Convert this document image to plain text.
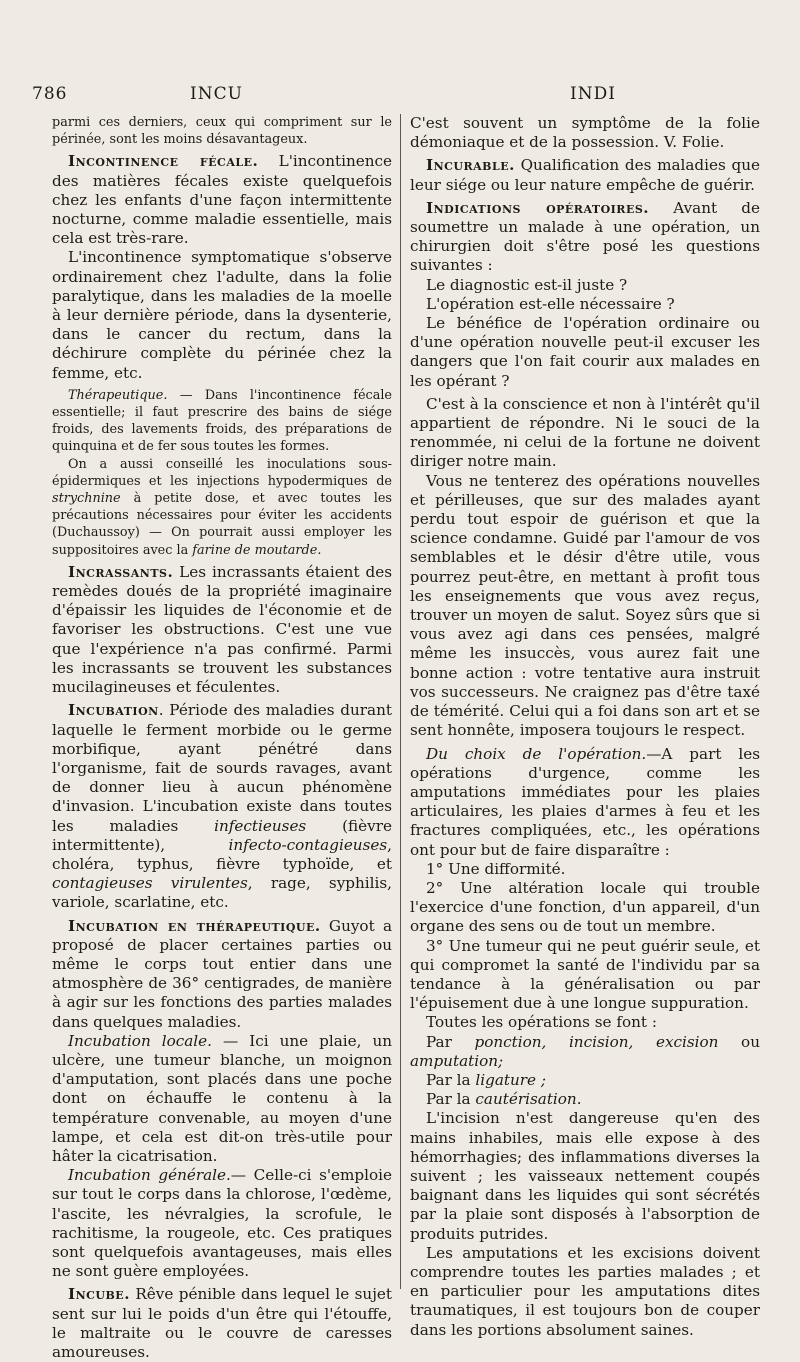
786	INCU	INDI

parmi ces derniers, ceux qui compriment sur le périnée, sont les moins désavantageux.

Incontinence fécale. L'incontinence des matières fécales existe quelquefois chez les enfants d'une façon intermittente nocturne, comme maladie essentielle, mais cela est très-rare.

L'incontinence symptomatique s'observe ordinairement chez l'adulte, dans la folie paralytique, dans les maladies de la moelle à leur dernière période, dans la dysenterie, dans le cancer du rectum, dans la déchirure complète du périnée chez la femme, etc.

Thérapeutique. — Dans l'incontinence fécale essentielle; il faut prescrire des bains de siége froids, des lavements froids, des préparations de quinquina et de fer sous toutes les formes.

On a aussi conseillé les inoculations sous-épidermiques et les injections hypodermiques de strychnine à petite dose, et avec toutes les précautions nécessaires pour éviter les accidents (Duchaussoy) — On pourrait aussi employer les suppositoires avec la farine de moutarde.

Incrassants. Les incrassants étaient des remèdes doués de la propriété imaginaire d'épaissir les liquides de l'économie et de favoriser les obstructions. C'est une vue que l'expérience n'a pas confirmé. Parmi les incrassants se trouvent les substances mucilagineuses et féculentes.

Incubation. Période des maladies durant laquelle le ferment morbide ou le germe morbifique, ayant pénétré dans l'organisme, fait de sourds ravages, avant de donner lieu à aucun phénomène d'invasion. L'incubation existe dans toutes les maladies infectieuses (fièvre intermittente), infecto-contagieuses, choléra, typhus, fièvre typhoïde, et contagieuses virulentes, rage, syphilis, variole, scarlatine, etc.

Incubation en thérapeutique. Guyot a proposé de placer certaines parties ou même le corps tout entier dans une atmosphère de 36° centigrades, de manière à agir sur les fonctions des parties malades dans quelques maladies.

Incubation locale. — Ici une plaie, un ulcère, une tumeur blanche, un moignon d'amputation, sont placés dans une poche dont on échauffe le contenu à la température convenable, au moyen d'une lampe, et cela est dit-on très-utile pour hâter la cicatrisation.

Incubation générale.— Celle-ci s'emploie sur tout le corps dans la chlorose, l'œdème, l'ascite, les névralgies, la scrofule, le rachitisme, la rougeole, etc. Ces pratiques sont quelquefois avantageuses, mais elles ne sont guère employées.

Incube. Rêve pénible dans lequel le sujet sent sur lui le poids d'un être qui l'étouffe, le maltraite ou le couvre de caresses amoureuses.

C'est souvent un symptôme de la folie démoniaque et de la possession. V. Folie.

Incurable. Qualification des maladies que leur siége ou leur nature empêche de guérir.

Indications opératoires. Avant de soumettre un malade à une opération, un chirurgien doit s'être posé les questions suivantes :

Le diagnostic est-il juste ?

L'opération est-elle nécessaire ?

Le bénéfice de l'opération ordinaire ou d'une opération nouvelle peut-il excuser les dangers que l'on fait courir aux malades en les opérant ?

C'est à la conscience et non à l'intérêt qu'il appartient de répondre. Ni le souci de la renommée, ni celui de la fortune ne doivent diriger notre main.

Vous ne tenterez des opérations nouvelles et périlleuses, que sur des malades ayant perdu tout espoir de guérison et que la science condamne. Guidé par l'amour de vos semblables et le désir d'être utile, vous pourrez peut-être, en mettant à profit tous les enseignements que vous avez reçus, trouver un moyen de salut. Soyez sûrs que si vous avez agi dans ces pensées, malgré même les insuccès, vous aurez fait une bonne action : votre tentative aura instruit vos successeurs. Ne craignez pas d'être taxé de témérité. Celui qui a foi dans son art et se sent honnête, imposera toujours le respect.

Du choix de l'opération.—A part les opérations d'urgence, comme les amputations immédiates pour les plaies articulaires, les plaies d'armes à feu et les fractures compliquées, etc., les opérations ont pour but de faire disparaître :

1° Une difformité.

2° Une altération locale qui trouble l'exercice d'une fonction, d'un appareil, d'un organe des sens ou de tout un membre.

3° Une tumeur qui ne peut guérir seule, et qui compromet la santé de l'individu par sa tendance à la généralisation ou par l'épuisement due à une longue suppuration.

Toutes les opérations se font :

Par ponction, incision, excision ou amputation;

Par la ligature ;

Par la cautérisation.

L'incision n'est dangereuse qu'en des mains inhabiles, mais elle expose à des hémorrhagies; des inflammations diverses la suivent ; les vaisseaux nettement coupés baignant dans les liquides qui sont sécrétés par la plaie sont disposés à l'absorption de produits putrides.

Les amputations et les excisions doivent comprendre toutes les parties malades ; et en particulier pour les amputations dites traumatiques, il est toujours bon de couper dans les portions absolument saines.
